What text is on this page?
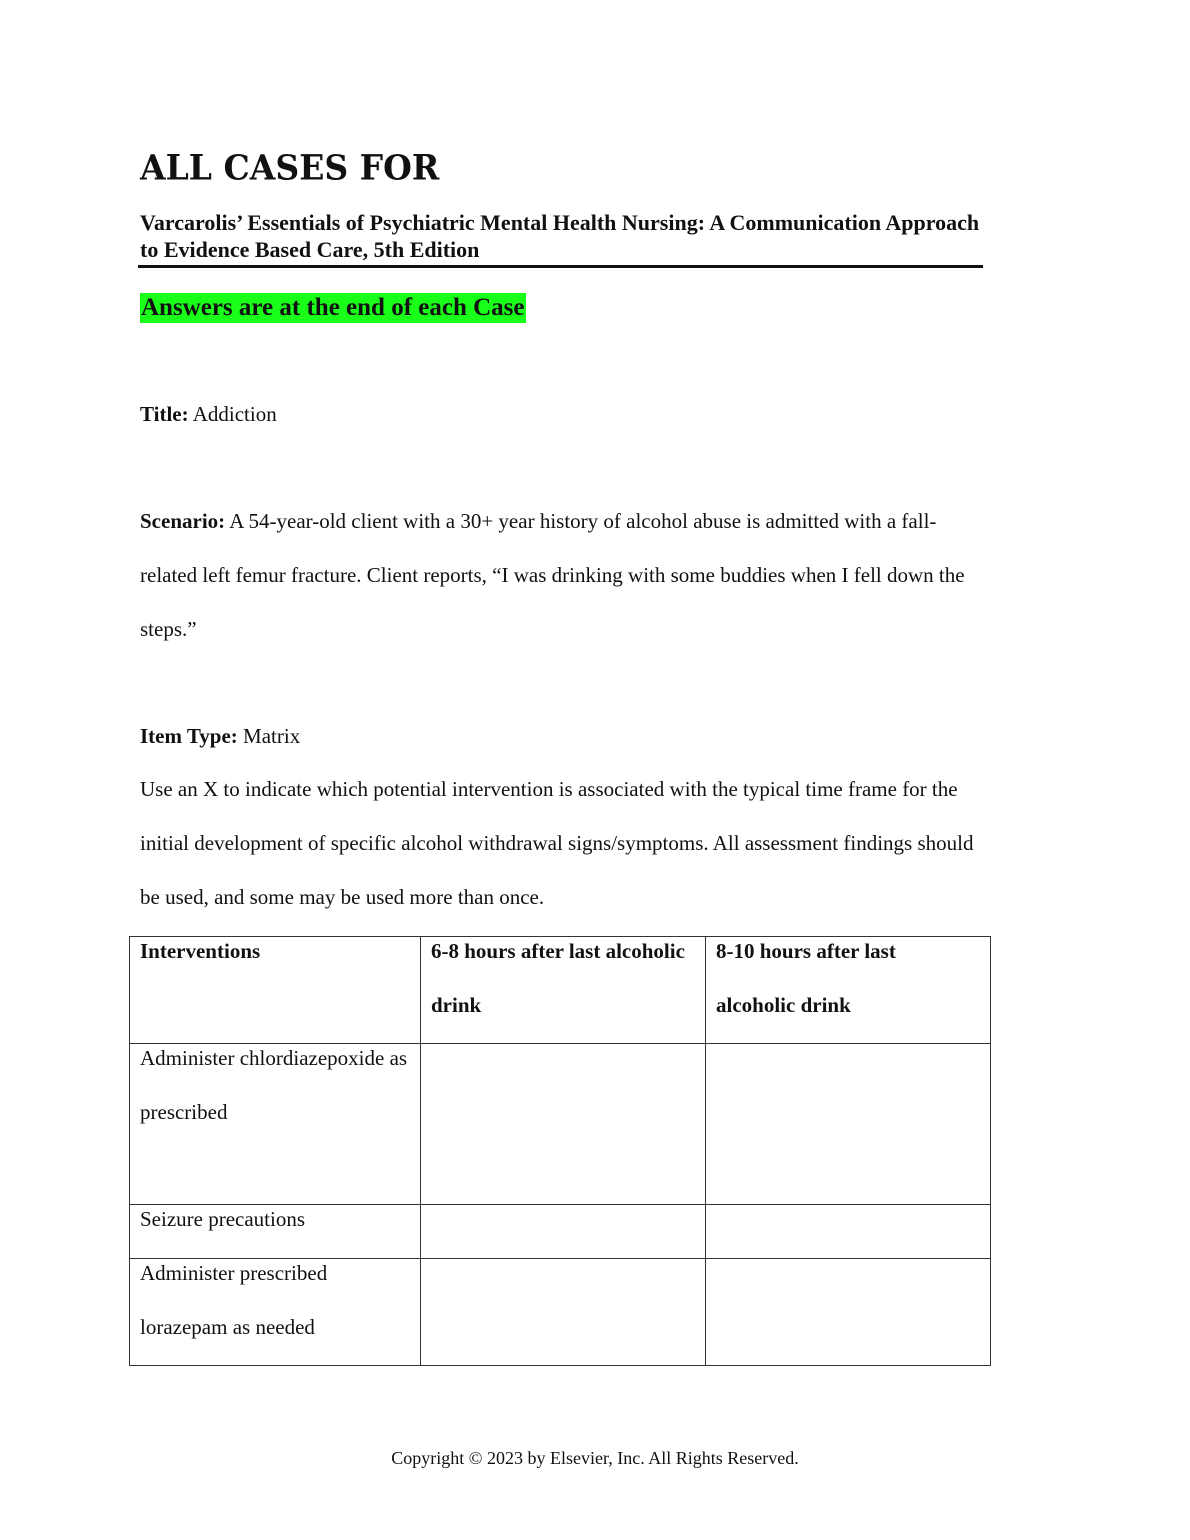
ALL CASES FOR
Varcarolis’ Essentials of Psychiatric Mental Health Nursing: A Communication Approach to Evidence Based Care, 5th Edition
Answers are at the end of each Case
Title: Addiction
Scenario: A 54-year-old client with a 30+ year history of alcohol abuse is admitted with a fall-related left femur fracture. Client reports, “I was drinking with some buddies when I fell down the steps.”
Item Type: Matrix
Use an X to indicate which potential intervention is associated with the typical time frame for the initial development of specific alcohol withdrawal signs/symptoms. All assessment findings should be used, and some may be used more than once.
Interventions	6-8 hours after last alcoholic drink	8-10 hours after last alcoholic drink

Administer chlordiazepoxide as prescribed		

Seizure precautions		

Administer prescribed lorazepam as needed		

Copyright © 2023 by Elsevier, Inc. All Rights Reserved.
